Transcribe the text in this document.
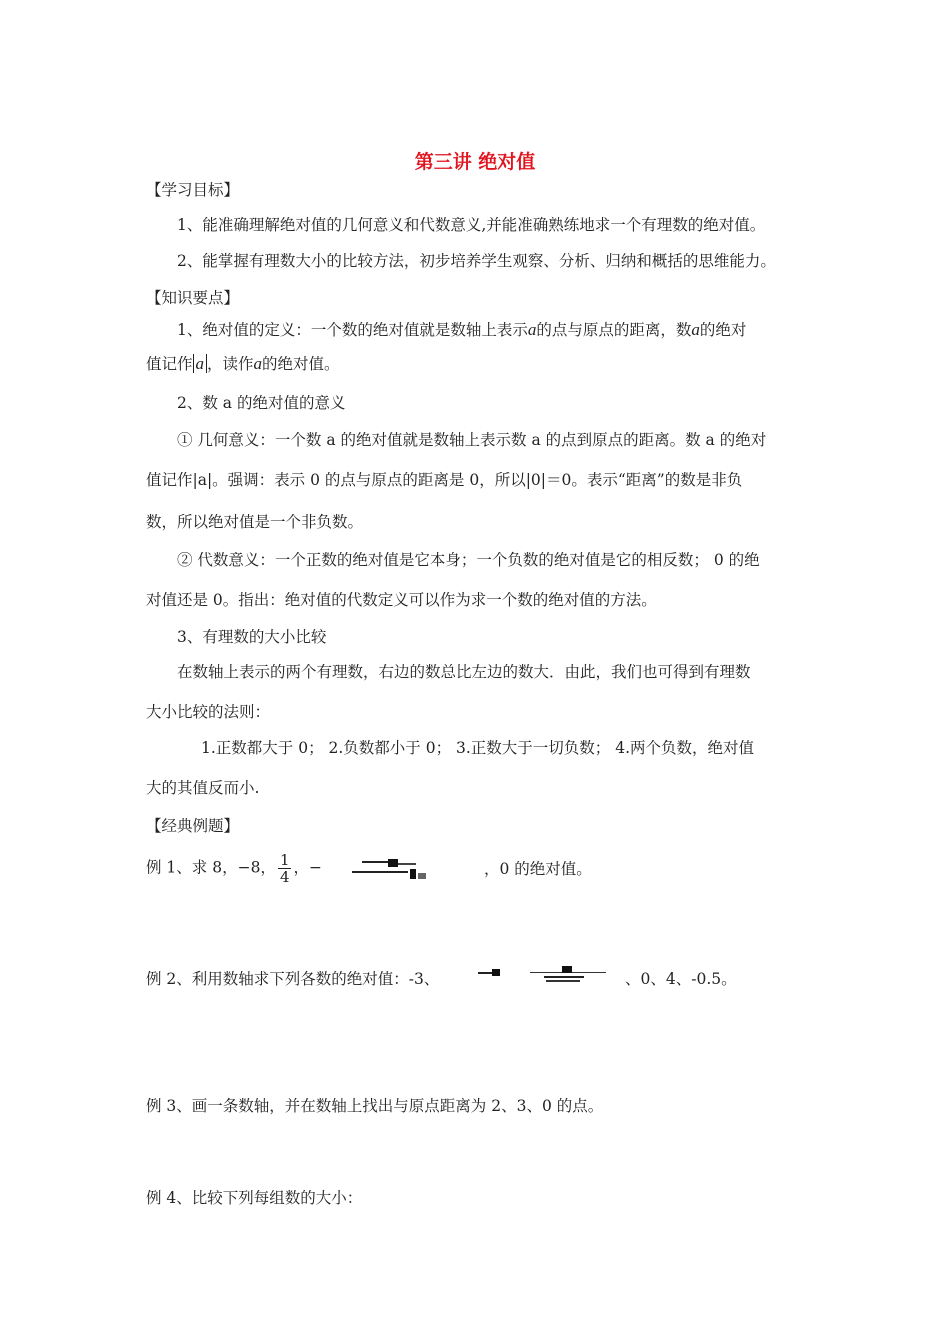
第三讲 绝对值
【学习目标】
1、能准确理解绝对值的几何意义和代数意义,并能准确熟练地求一个有理数的绝对值。
2、能掌握有理数大小的比较方法，初步培养学生观察、分析、归纳和概括的思维能力。
【知识要点】
1、绝对值的定义：一个数的绝对值就是数轴上表示a的点与原点的距离，数a的绝对
值记作 a ，读作a的绝对值。
2、数 a 的绝对值的意义
① 几何意义：一个数 a 的绝对值就是数轴上表示数 a 的点到原点的距离。数 a 的绝对
值记作|a|。强调：表示 0 的点与原点的距离是 0，所以|0|＝0。表示“距离”的数是非负
数，所以绝对值是一个非负数。
② 代数意义：一个正数的绝对值是它本身；一个负数的绝对值是它的相反数； 0 的绝
对值还是 0。指出：绝对值的代数定义可以作为求一个数的绝对值的方法。
3、有理数的大小比较
在数轴上表示的两个有理数，右边的数总比左边的数大．由此，我们也可得到有理数
大小比较的法则：
1.正数都大于 0； 2.负数都小于 0； 3.正数大于一切负数； 4.两个负数，绝对值
大的其值反而小.
【经典例题】
例 1、求 8，−8， $\frac{1}{4}$ ，−	，0 的绝对值。
例 2、利用数轴求下列各数的绝对值：-3、	、0、4、-0.5。
例 3、画一条数轴，并在数轴上找出与原点距离为 2、3、0 的点。
例 4、比较下列每组数的大小：
